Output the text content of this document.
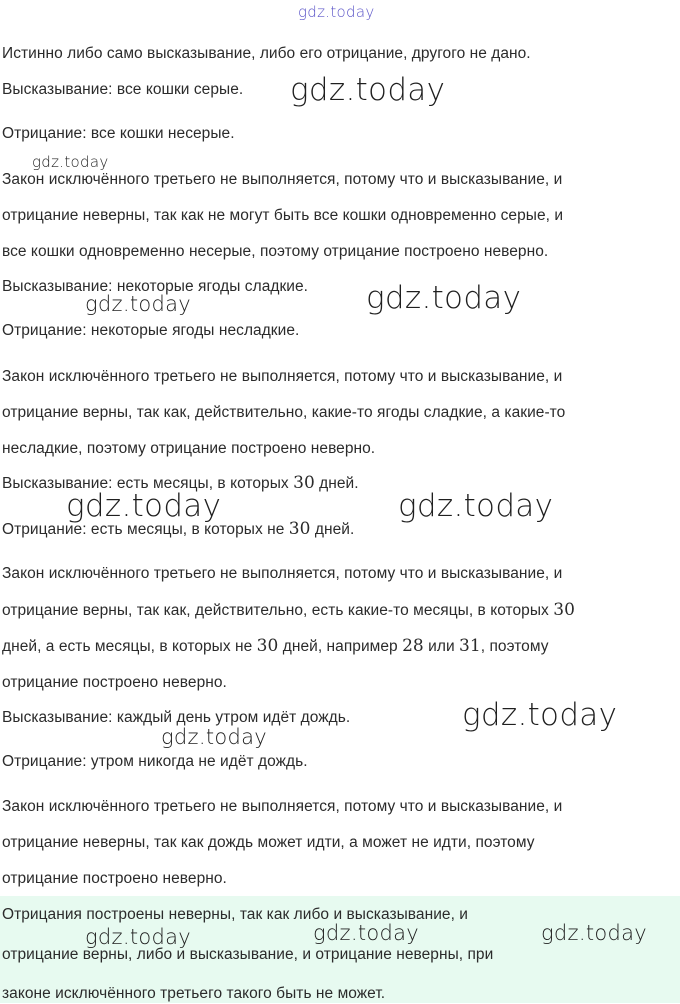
Истинно либо само высказывание, либо его отрицание, другого не дано.
Высказывание: все кошки серые.
Отрицание: все кошки несерые.
Закон исключённого третьего не выполняется, потому что и высказывание, и
отрицание неверны, так как не могут быть все кошки одновременно серые, и
все кошки одновременно несерые, поэтому отрицание построено неверно.
Высказывание: некоторые ягоды сладкие.
Отрицание: некоторые ягоды несладкие.
Закон исключённого третьего не выполняется, потому что и высказывание, и
отрицание верны, так как, действительно, какие-то ягоды сладкие, а какие-то
несладкие, поэтому отрицание построено неверно.
Высказывание: есть месяцы, в которых 30 дней.
Отрицание: есть месяцы, в которых не 30 дней.
Закон исключённого третьего не выполняется, потому что и высказывание, и
отрицание верны, так как, действительно, есть какие-то месяцы, в которых 30
дней, а есть месяцы, в которых не 30 дней, например 28 или 31, поэтому
отрицание построено неверно.
Высказывание: каждый день утром идёт дождь.
Отрицание: утром никогда не идёт дождь.
Закон исключённого третьего не выполняется, потому что и высказывание, и
отрицание неверны, так как дождь может идти, а может не идти, поэтому
отрицание построено неверно.
Отрицания построены неверны, так как либо и высказывание, и
отрицание верны, либо и высказывание, и отрицание неверны, при
законе исключённого третьего такого быть не может.
gdz.today
gdz.today
gdz.today
gdz.today	gdz.today
gdz.today	gdz.today
gdz.today
gdz.today
gdz.today	gdz.today	gdz.today
